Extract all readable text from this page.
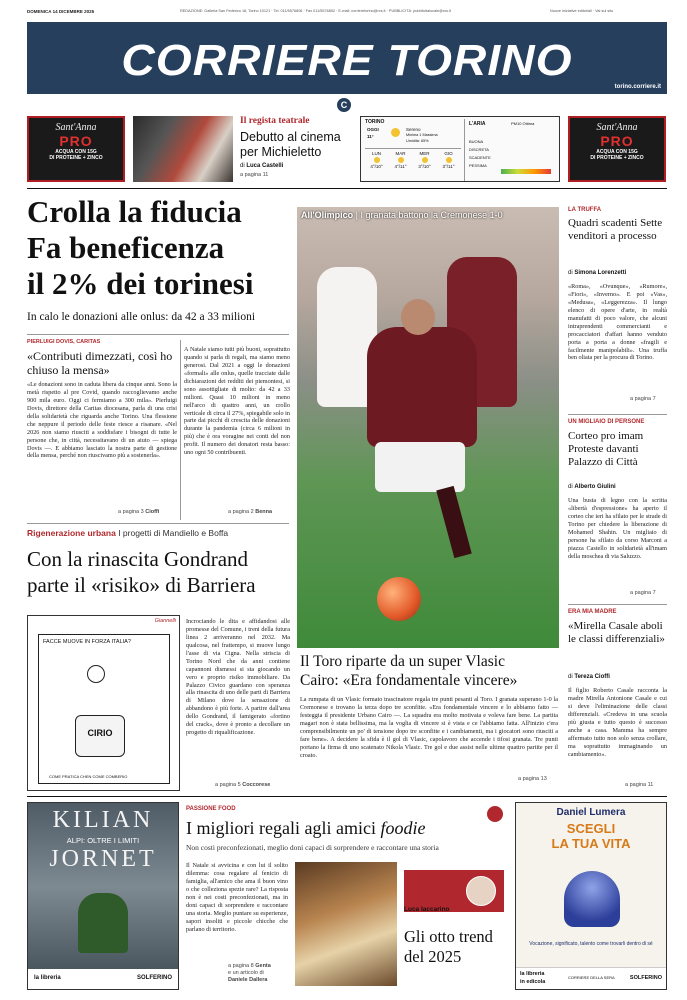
DOMENICA 14 DICEMBRE 2025	REDAZIONE: Galleria San Federico 16, Torino 10121 · Tel. 011/5576806 · Fax 011/5576852 · E-mail: corrieretorino@rcs.it · PUBBLICITÀ: pubblicitalocale@rcs.it	Nuove iniziative editoriali · Vai sul sito
CORRIERE TORINO
torino.corriere.it
C
Sant'Anna
PRO
ACQUA CON 15G
DI PROTEINE + ZINCO
Il regista teatrale
Debutto al cinema
per Michieletto
di Luca Castelli
a pagina 11
TORINO
OGGI
11°
Sereno
Minima 1 Massima
Umidità: 65%
LUN
4°/10°
MAR
4°/11°
MER
3°/10°
GIO
3°/11°
L'ARIA	PM10 Ottima
BUONA
DISCRETA
SCADENTE
PESSIMA
Sant'Anna
PRO
ACQUA CON 15G
DI PROTEINE + ZINCO
Crolla la fiducia
Fa beneficenza
il 2% dei torinesi
In calo le donazioni alle onlus: da 42 a 33 milioni
PIERLUIGI DOVIS, CARITAS
«Contributi dimezzati, così ho chiuso la mensa»
«Le donazioni sono in caduta libera da cinque anni. Sono la metà rispetto al pre Covid, quando raccoglievamo anche 900 mila euro. Oggi ci fermiamo a 300 mila». Pierluigi Dovis, direttore della Caritas diocesana, parla di una crisi della solidarietà che riguarda anche Torino. Una flessione che neppure il periodo delle feste riesce a risanare. «Nel 2026 non siamo riusciti a soddisfare i bisogni di tutte le persone che, in città, necessitavano di un aiuto — spiega Dovis —. E abbiamo lasciato la nostra parte di gestione della mensa, perché non riuscivamo più a sostenerla».
a pagina 3 Cioffi
A Natale siamo tutti più buoni, soprattutto quando si parla di regali, ma siamo meno generosi. Dal 2021 a oggi le donazioni «formali» alle onlus, quelle tracciate dalle dichiarazioni dei redditi dei piemontesi, si sono assottigliate di molto: da 42 a 33 milioni. Quasi 10 milioni in meno nell'arco di quattro anni, un crollo verticale di circa il 27%, spiegabile solo in parte dai picchi di crescita delle donazioni durante la pandemia (circa 6 milioni in più) che è ora voragine nei conti del non profit. Il numero dei donatori resta basso: uno ogni 50 contribuenti.
a pagina 2 Benna
Rigenerazione urbana I progetti di Mandiello e Boffa
Con la rinascita Gondrand
parte il «risiko» di Barriera
Giannelli
FACCE MUOVE IN FORZA ITALIA?
CIRIO
COME PRATICA CHEN COME COMBERIO
Incrociando le dita e affidandosi alle promesse del Comune, i treni della futura linea 2 arriveranno nel 2032. Ma qualcosa, nel frattempo, si muove lungo l'asse di via Cigna. Nella striscia di Torino Nord che da anni contiene capannoni dismessi si sta giocando un vero e proprio risiko immobiliare. Da Palazzo Civico guardano con speranza alla rinascita di uno delle parti di Barriera di Milano dove la sensazione di abbandono è più forte. A partire dall'area dello Gondrand, il famigerato «fortino del crack», dove è pronto a decollare un progetto di riqualificazione.
a pagina 5 Coccorese
All'Olimpico | I granata battono la Cremonese 1-0
Il Toro riparte da un super Vlasic
Cairo: «Era fondamentale vincere»
La rumpata di un Vlasic formato trascinatore regala tre punti pesanti al Toro. I granata superano 1-0 la Cremonese e trovano la terza dopo tre sconfitte. «Era fondamentale vincere e lo abbiamo fatto — festeggia il presidente Urbano Cairo —. La squadra era molto motivata e voleva fare bene. La partita magari non è stata bellissima, ma la voglia di vincere si è vista e ce l'abbiamo fatta. All'inizio c'era comprensibilmente un po' di tensione dopo tre sconfitte e i cambiamenti, ma i giocatori sono riusciti a fare bene». A decidere la sfida è il gol di Vlasic, capolavoro che accende i tifosi granata. Tre punti portano la firma di uno scatenato Nikola Vlasic. Tre gol e due assist nelle ultime quattro partite per il croato.
a pagina 13
LA TRUFFA
Quadri scadenti Sette venditori a processo
di Simona Lorenzetti
«Roma», «Ovunque», «Rumore», «Fiori», «Inverno». E poi «Vas», «Medusa», «Leggerezza». Il lungo elenco di opere d'arte, in realtà manufatti di poco valore, che alcuni intraprendenti commercianti e procacciatori d'affari hanno venduto porta a porta a donne «fragili e facilmente manipolabili». Una truffa ben oliata per la procura di Torino.
a pagina 7
UN MIGLIAIO DI PERSONE
Corteo pro imam Proteste davanti Palazzo di Città
di Alberto Giulini
Una busta di legno con la scritta «libertà d'espressione» ha aperto il corteo che ieri ha sfilato per le strade di Torino per chiedere la liberazione di Mohamed Shahin. Un migliaio di persone ha sfilato da corso Marconi a piazza Castello in solidarietà all'imam della moschea di via Saluzzo.
a pagina 7
ERA MIA MADRE
«Mirella Casale aboli le classi differenziali»
di Tereza Cioffi
Il figlio Roberto Casale racconta la madre Mirella Antonione Casale e cui si deve l'eliminazione delle classi differenziali. «Credeva in una scuola più giusta e tutto questo è successo anche a casa. Mamma ha sempre affermato tutto non solo senza crollare, ma soprattutto immaginando un cambiamento».
a pagina 11
KILIAN
ALPI: OLTRE I LIMITI
JORNET
la libreria	SOLFERINO
PASSIONE FOOD
I migliori regali agli amici foodie
Non costi preconfezionati, meglio doni capaci di sorprendere e raccontare una storia
Il Natale si avvicina e con lui il solito dilemma: cosa regalare al fenicio di famiglia, all'amico che ama il buon vino o che colleziona spezie rare? La risposta non è nei costi preconfezionati, ma in doni capaci di sorprendere e raccontare una storia. Meglio puntare su esperienze, sapori insoliti e piccole chicche che parlano di territorio.
a pagina 8 Genta
e un articolo di
Daniele Dallera
Luca Iaccarino
Gli otto trend del 2025
Daniel Lumera
SCEGLI
LA TUA VITA
Vocazione, significato, talento come trovarli dentro di sé
la libreria
in edicola
CORRIERE DELLA SERA	SOLFERINO
